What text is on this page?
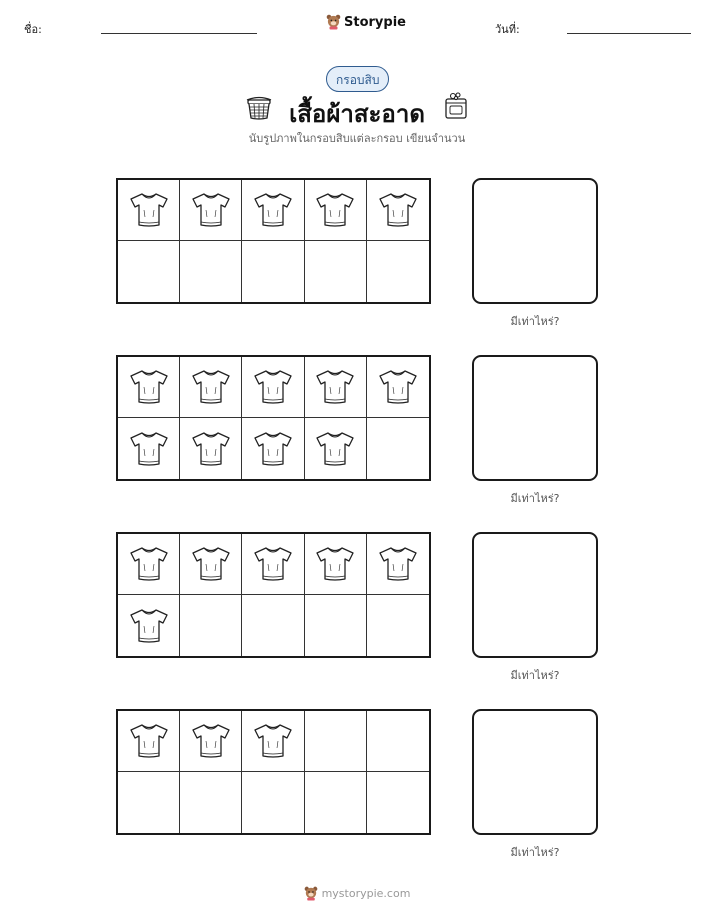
ชื่อ:	Storypie	วันที่:
กรอบสิบ
เสื้อผ้าสะอาด
นับรูปภาพในกรอบสิบแต่ละกรอบ เขียนจำนวน
มีเท่าไหร่?
มีเท่าไหร่?
มีเท่าไหร่?
มีเท่าไหร่?
mystorypie.com
